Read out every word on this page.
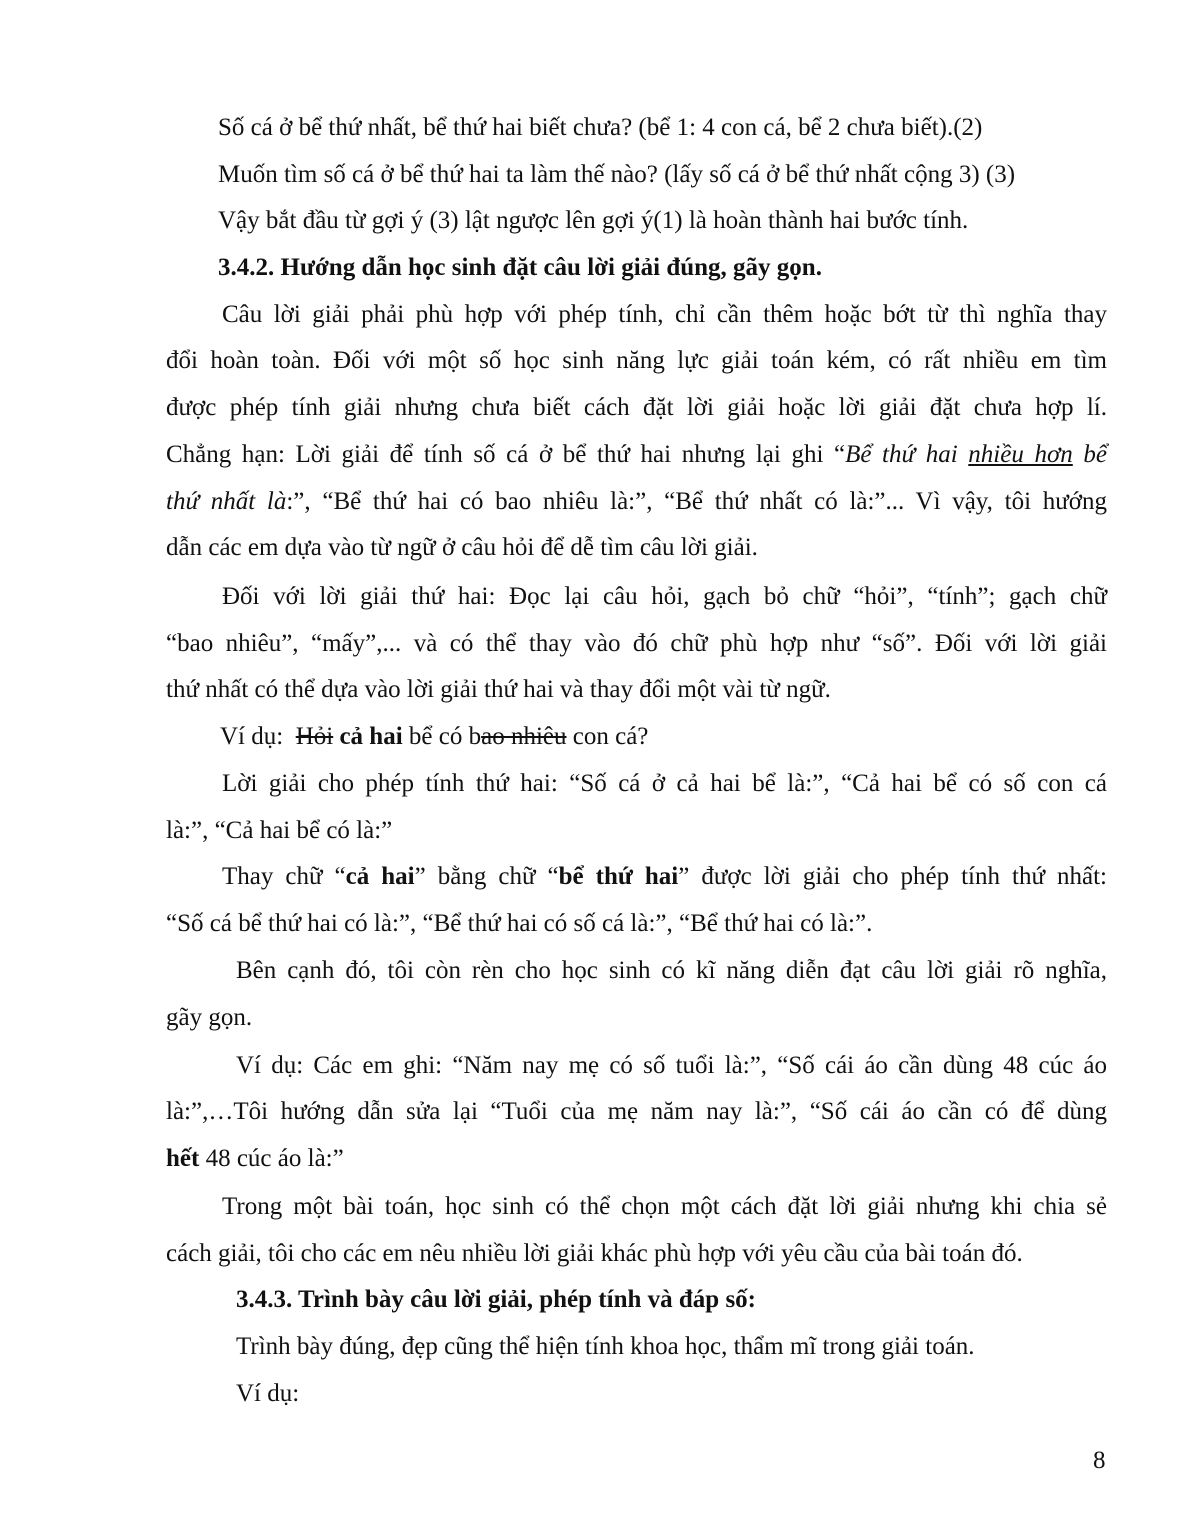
Số cá ở bể thứ nhất, bể thứ hai biết chưa? (bể 1: 4 con cá, bể 2 chưa biết).(2)
Muốn tìm số cá ở bể thứ hai ta làm thế nào? (lấy số cá ở bể thứ nhất cộng 3) (3)
Vậy bắt đầu từ gợi ý (3) lật ngược lên gợi ý(1) là hoàn thành hai bước tính.
3.4.2. Hướng dẫn học sinh đặt câu lời giải đúng, gãy gọn.
Câu lời giải phải phù hợp với phép tính, chỉ cần thêm hoặc bớt từ thì nghĩa thay
đổi hoàn toàn. Đối với một số học sinh năng lực giải toán kém, có rất nhiều em tìm
được phép tính giải nhưng chưa biết cách đặt lời giải hoặc lời giải đặt chưa hợp lí.
Chẳng hạn: Lời giải để tính số cá ở bể thứ hai nhưng lại ghi “Bể thứ hai nhiều hơn bể
thứ nhất là:”, “Bể thứ hai có bao nhiêu là:”, “Bể thứ nhất có là:”... Vì vậy, tôi hướng
dẫn các em dựa vào từ ngữ ở câu hỏi để dễ tìm câu lời giải.
Đối với lời giải thứ hai: Đọc lại câu hỏi, gạch bỏ chữ “hỏi”, “tính”; gạch chữ
“bao nhiêu”, “mấy”,... và có thể thay vào đó chữ phù hợp như “số”. Đối với lời giải
thứ nhất có thể dựa vào lời giải thứ hai và thay đổi một vài từ ngữ.
Ví dụ:  Hỏi cả hai bể có bao nhiêu con cá?
Lời giải cho phép tính thứ hai: “Số cá ở cả hai bể là:”, “Cả hai bể có số con cá
là:”, “Cả hai bể có là:”
Thay chữ “cả hai” bằng chữ “bể thứ hai” được lời giải cho phép tính thứ nhất:
“Số cá bể thứ hai có là:”, “Bể thứ hai có số cá là:”, “Bể thứ hai có là:”.
Bên cạnh đó, tôi còn rèn cho học sinh có kĩ năng diễn đạt câu lời giải rõ nghĩa,
gãy gọn.
Ví dụ: Các em ghi: “Năm nay mẹ có số tuổi là:”, “Số cái áo cần dùng 48 cúc áo
là:”,…Tôi hướng dẫn sửa lại “Tuổi của mẹ năm nay là:”, “Số cái áo cần có để dùng
hết 48 cúc áo là:”
Trong một bài toán, học sinh có thể chọn một cách đặt lời giải nhưng khi chia sẻ
cách giải, tôi cho các em nêu nhiều lời giải khác phù hợp với yêu cầu của bài toán đó.
3.4.3. Trình bày câu lời giải, phép tính và đáp số:
Trình bày đúng, đẹp cũng thể hiện tính khoa học, thẩm mĩ trong giải toán.
Ví dụ:
8
